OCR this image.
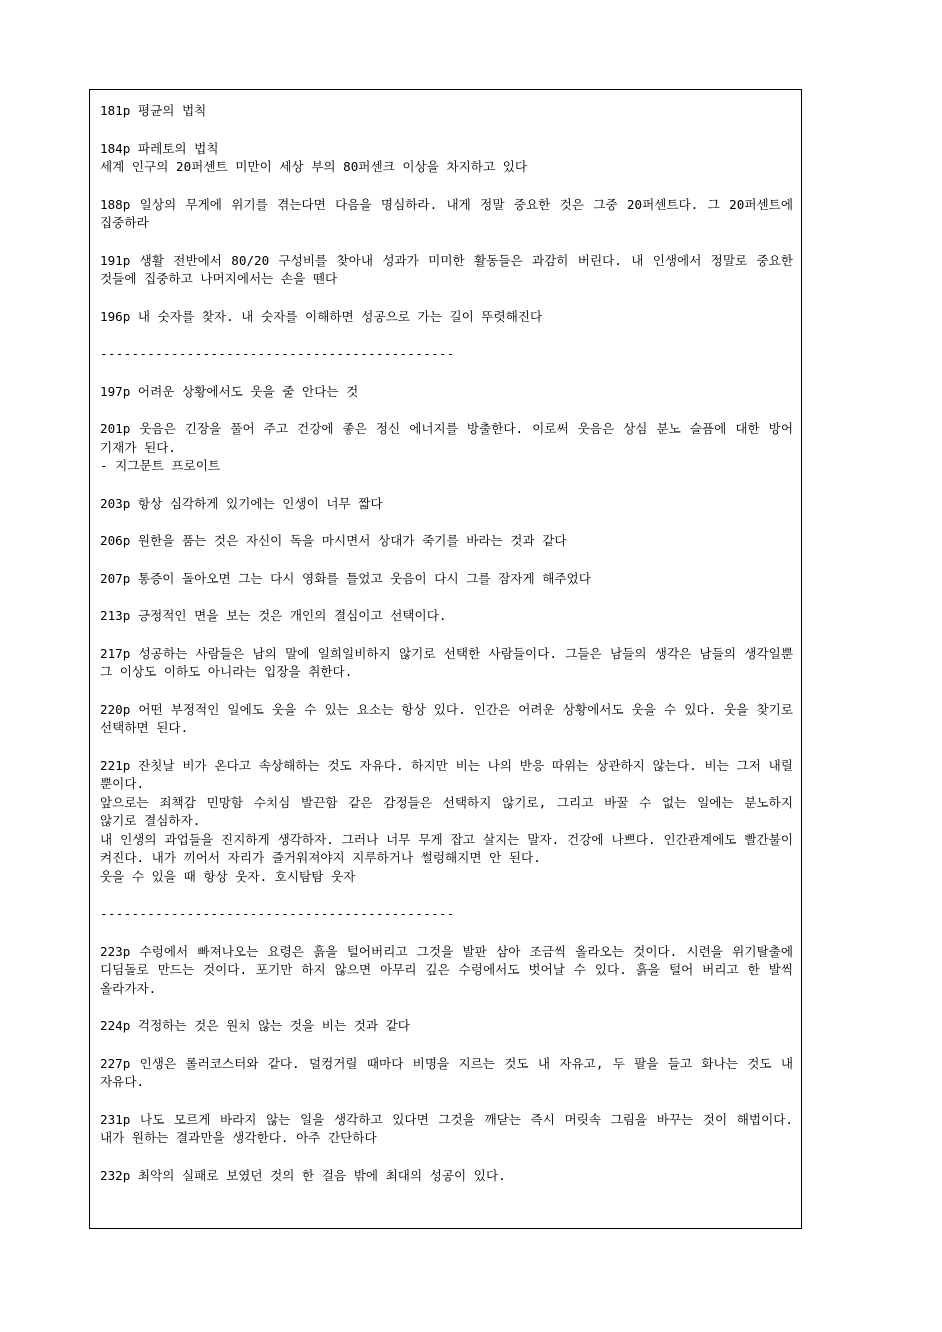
181p 평균의 법칙

184p 파레토의 법칙

세계 인구의 20퍼센트 미만이 세상 부의 80퍼센크 이상을 차지하고 있다

188p 일상의 무게에 위기를 겪는다면 다음을 명심하라. 내게 정말 중요한 것은 그중 20퍼센트다. 그 20퍼센트에 집중하라

191p 생활 전반에서 80/20 구성비를 찾아내 성과가 미미한 활동들은 과감히 버린다. 내 인생에서 정말로 중요한 것들에 집중하고 나머지에서는 손을 뗀다

196p 내 숫자를 찾자. 내 숫자를 이해하면 성공으로 가는 길이 뚜렷해진다

---------------------------------------------

197p 어려운 상황에서도 웃을 줄 안다는 것

201p 웃음은 긴장을 풀어 주고 건강에 좋은 정신 에너지를 방출한다. 이로써 웃음은 상심 분노 슬픔에 대한 방어 기재가 된다.

- 지그문트 프로이트

203p 항상 심각하게 있기에는 인생이 너무 짧다

206p 원한을 품는 것은 자신이 독을 마시면서 상대가 죽기를 바라는 것과 같다

207p 통증이 돌아오면 그는 다시 영화를 틀었고 웃음이 다시 그를 잠자게 해주었다

213p 긍정적인 면을 보는 것은 개인의 결심이고 선택이다.

217p 성공하는 사람들은 남의 말에 일희일비하지 않기로 선택한 사람들이다. 그들은 남들의 생각은 남들의 생각일뿐 그 이상도 이하도 아니라는 입장을 취한다.

220p 어떤 부정적인 일에도 웃을 수 있는 요소는 항상 있다. 인간은 어려운 상황에서도 웃을 수 있다. 웃을 찾기로 선택하면 된다.

221p 잔칫날 비가 온다고 속상해하는 것도 자유다. 하지만 비는 나의 반응 따위는 상관하지 않는다. 비는 그저 내릴 뿐이다.

앞으로는 죄책감 민망함 수치심 발끈함 같은 감정들은 선택하지 않기로, 그리고 바꿀 수 없는 일에는 분노하지 않기로 결심하자.

내 인생의 과업들을 진지하게 생각하자. 그러나 너무 무게 잡고 살지는 말자. 건강에 나쁘다. 인간관계에도 빨간불이 켜진다. 내가 끼어서 자리가 즐거워져야지 지루하거나 썰렁해지면 안 된다.

웃을 수 있을 때 항상 웃자. 호시탐탐 웃자

---------------------------------------------

223p 수렁에서 빠져나오는 요령은 흙을 털어버리고 그것을 발판 삼아 조금씩 올라오는 것이다. 시련을 위기탈출에 디딤돌로 만드는 것이다. 포기만 하지 않으면 아무리 깊은 수렁에서도 벗어날 수 있다. 흙을 털어 버리고 한 발씩 올라가자.

224p 걱정하는 것은 원치 않는 것을 비는 것과 같다

227p 인생은 롤러코스터와 같다. 덜컹거릴 때마다 비명을 지르는 것도 내 자유고, 두 팔을 들고 화나는 것도 내 자유다.

231p 나도 모르게 바라지 않는 일을 생각하고 있다면 그것을 깨닫는 즉시 머릿속 그림을 바꾸는 것이 해법이다. 내가 원하는 결과만을 생각한다. 아주 간단하다

232p 최악의 실패로 보였던 것의 한 걸음 밖에 최대의 성공이 있다.
